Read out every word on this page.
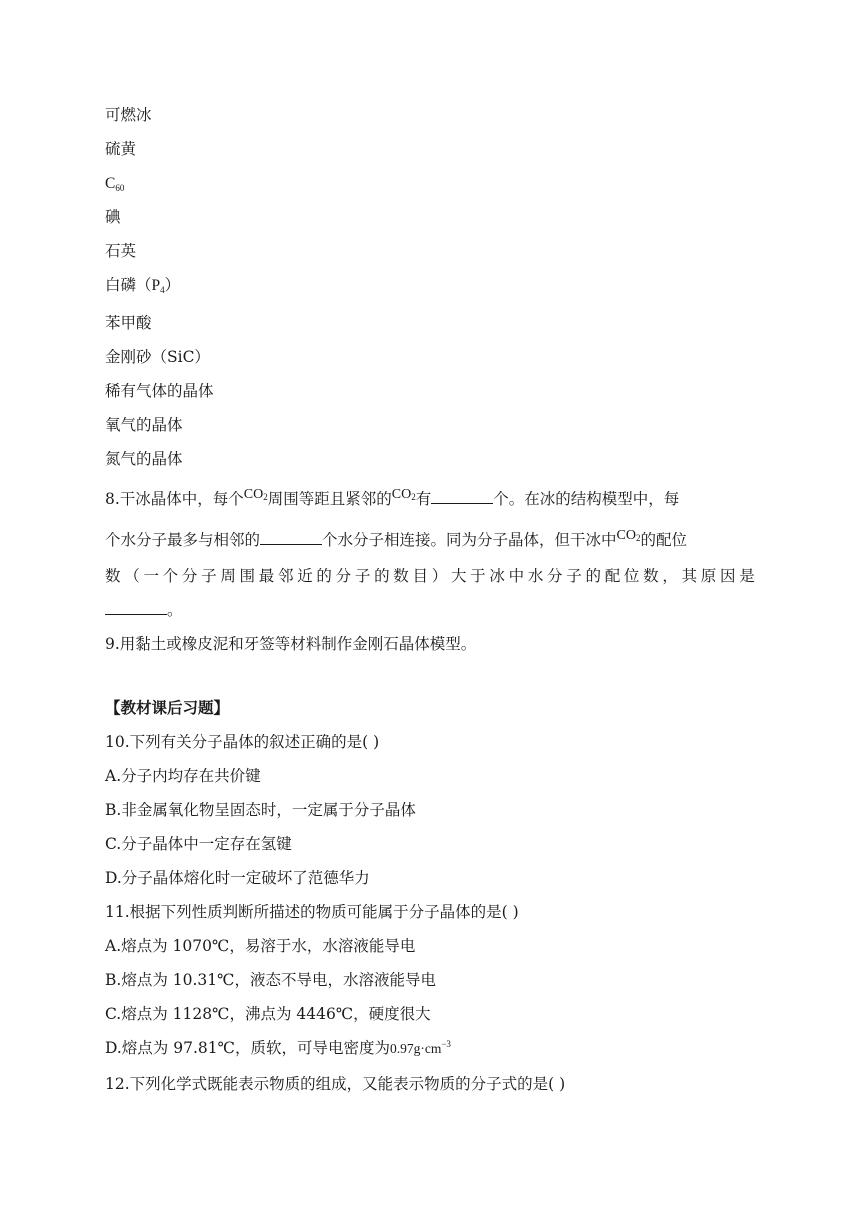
可燃冰
硫黄
C60
碘
石英
白磷（P4）
苯甲酸
金刚砂（SiC）
稀有气体的晶体
氧气的晶体
氮气的晶体
8.干冰晶体中，每个CO2周围等距且紧邻的CO2有	个。在冰的结构模型中，每
个水分子最多与相邻的	个水分子相连接。同为分子晶体，但干冰中CO2的配位
数 （ 一 个 分 子 周 围 最 邻 近 的 分 子 的 数 目 ） 大 于 冰 中 水 分 子 的 配 位 数 ， 其 原 因 是
。
9.用黏土或橡皮泥和牙签等材料制作金刚石晶体模型。
【教材课后习题】
10.下列有关分子晶体的叙述正确的是( )
A.分子内均存在共价键
B.非金属氧化物呈固态时，一定属于分子晶体
C.分子晶体中一定存在氢键
D.分子晶体熔化时一定破坏了范德华力
11.根据下列性质判断所描述的物质可能属于分子晶体的是( )
A.熔点为 1070℃，易溶于水，水溶液能导电
B.熔点为 10.31℃，液态不导电，水溶液能导电
C.熔点为 1128℃，沸点为 4446℃，硬度很大
D.熔点为 97.81℃，质软，可导电密度为$0.97g\cdot cm^{-3}$
12.下列化学式既能表示物质的组成，又能表示物质的分子式的是( )
